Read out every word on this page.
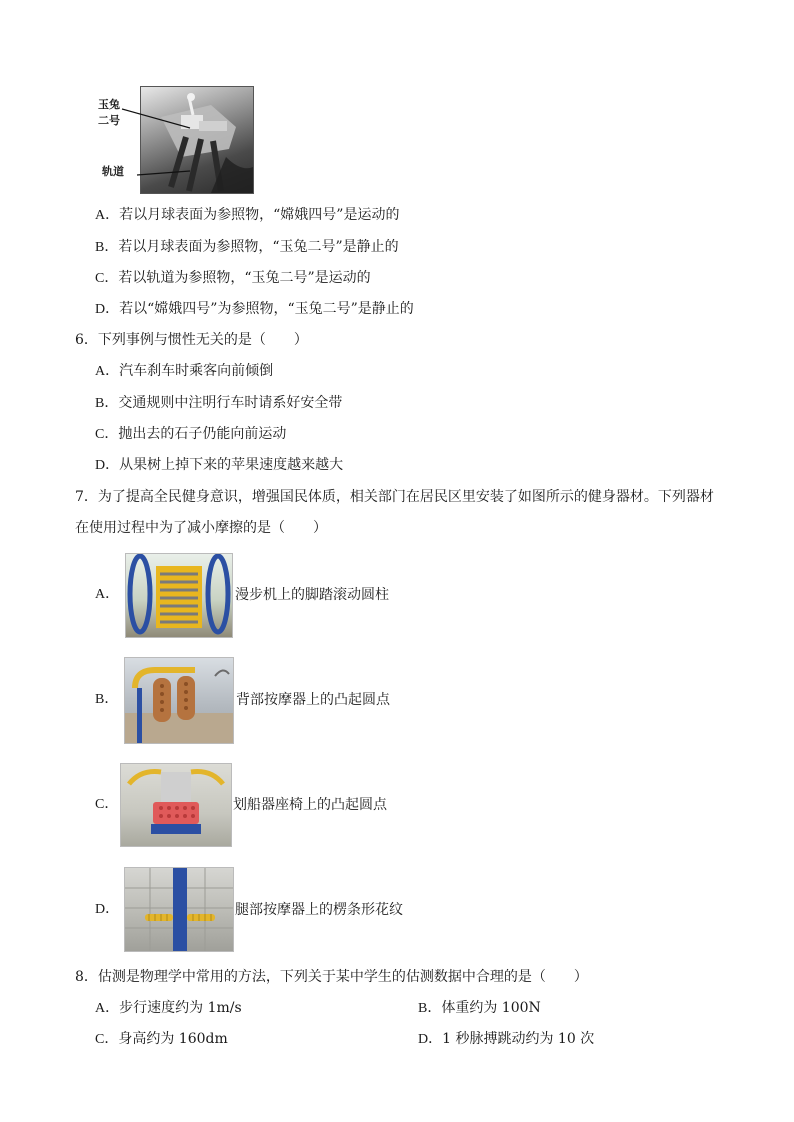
玉兔
二号
轨道
A．若以月球表面为参照物，“嫦娥四号”是运动的
B．若以月球表面为参照物，“玉兔二号”是静止的
C．若以轨道为参照物，“玉兔二号”是运动的
D．若以“嫦娥四号”为参照物，“玉兔二号”是静止的
6．下列事例与惯性无关的是（　　）
A．汽车刹车时乘客向前倾倒
B．交通规则中注明行车时请系好安全带
C．抛出去的石子仍能向前运动
D．从果树上掉下来的苹果速度越来越大
7．为了提高全民健身意识，增强国民体质，相关部门在居民区里安装了如图所示的健身器材。下列器材
在使用过程中为了减小摩擦的是（　　）
A．	漫步机上的脚踏滚动圆柱
B．	背部按摩器上的凸起圆点
C．	划船器座椅上的凸起圆点
D．	腿部按摩器上的楞条形花纹
8．估测是物理学中常用的方法，下列关于某中学生的估测数据中合理的是（　　）
A．步行速度约为 1m/s	B．体重约为 100N
C．身高约为 160dm	D．1 秒脉搏跳动约为 10 次
